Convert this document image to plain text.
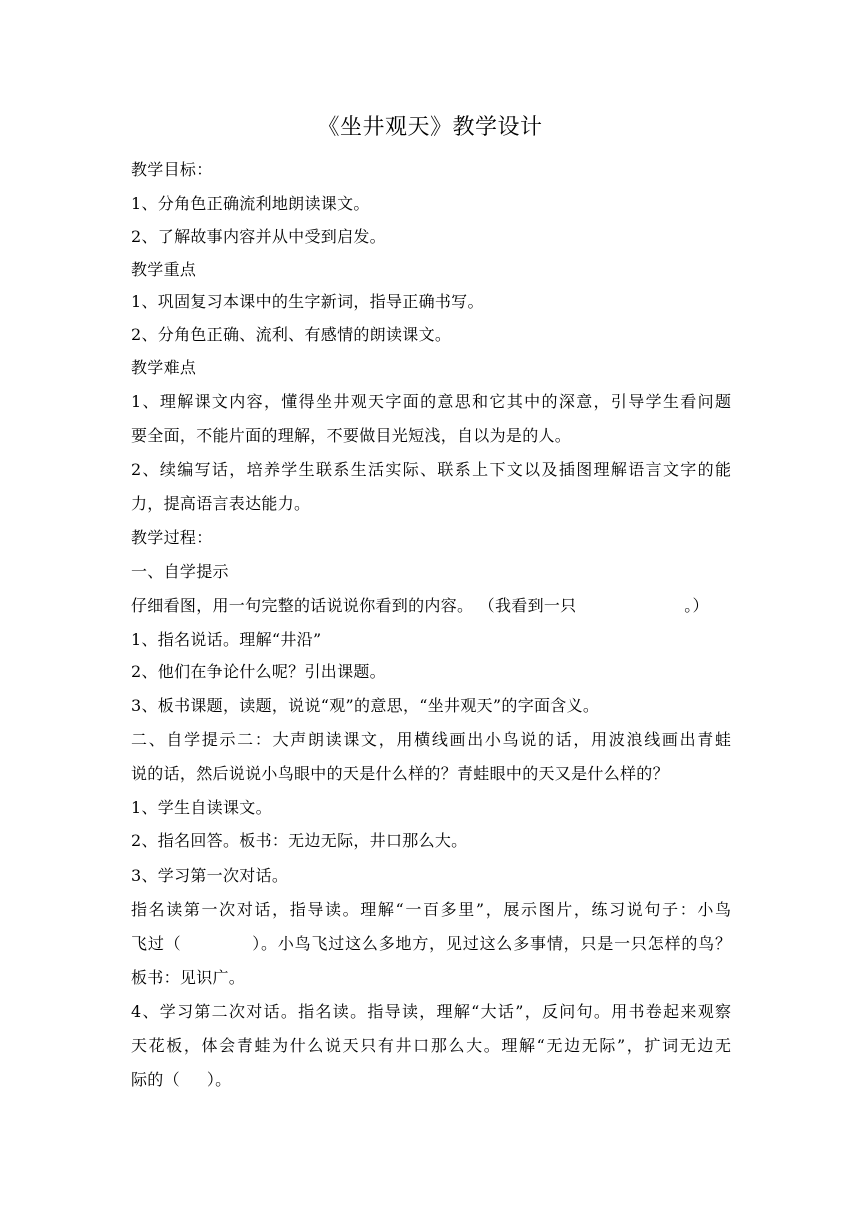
《坐井观天》教学设计
教学目标：
1、分角色正确流利地朗读课文。
2、了解故事内容并从中受到启发。
教学重点
1、巩固复习本课中的生字新词，指导正确书写。
2、分角色正确、流利、有感情的朗读课文。
教学难点
1、理解课文内容，懂得坐井观天字面的意思和它其中的深意，引导学生看问题
要全面，不能片面的理解，不要做目光短浅，自以为是的人。
2、续编写话，培养学生联系生活实际、联系上下文以及插图理解语言文字的能
力，提高语言表达能力。
教学过程：
一、自学提示
仔细看图，用一句完整的话说说你看到的内容。 （我看到一只                    。）
1、指名说话。理解“井沿”
2、他们在争论什么呢？引出课题。
3、板书课题，读题，说说“观”的意思，“坐井观天”的字面含义。
二、自学提示二：大声朗读课文，用横线画出小鸟说的话，用波浪线画出青蛙
说的话，然后说说小鸟眼中的天是什么样的？青蛙眼中的天又是什么样的？
1、学生自读课文。
2、指名回答。板书：无边无际，井口那么大。
3、学习第一次对话。
指名读第一次对话，指导读。理解“一百多里”，展示图片，练习说句子：小鸟
飞过（            ）。小鸟飞过这么多地方，见过这么多事情，只是一只怎样的鸟？
板书：见识广。
4、学习第二次对话。指名读。指导读，理解“大话”，反问句。用书卷起来观察
天花板，体会青蛙为什么说天只有井口那么大。理解“无边无际”，扩词无边无
际的（     ）。
